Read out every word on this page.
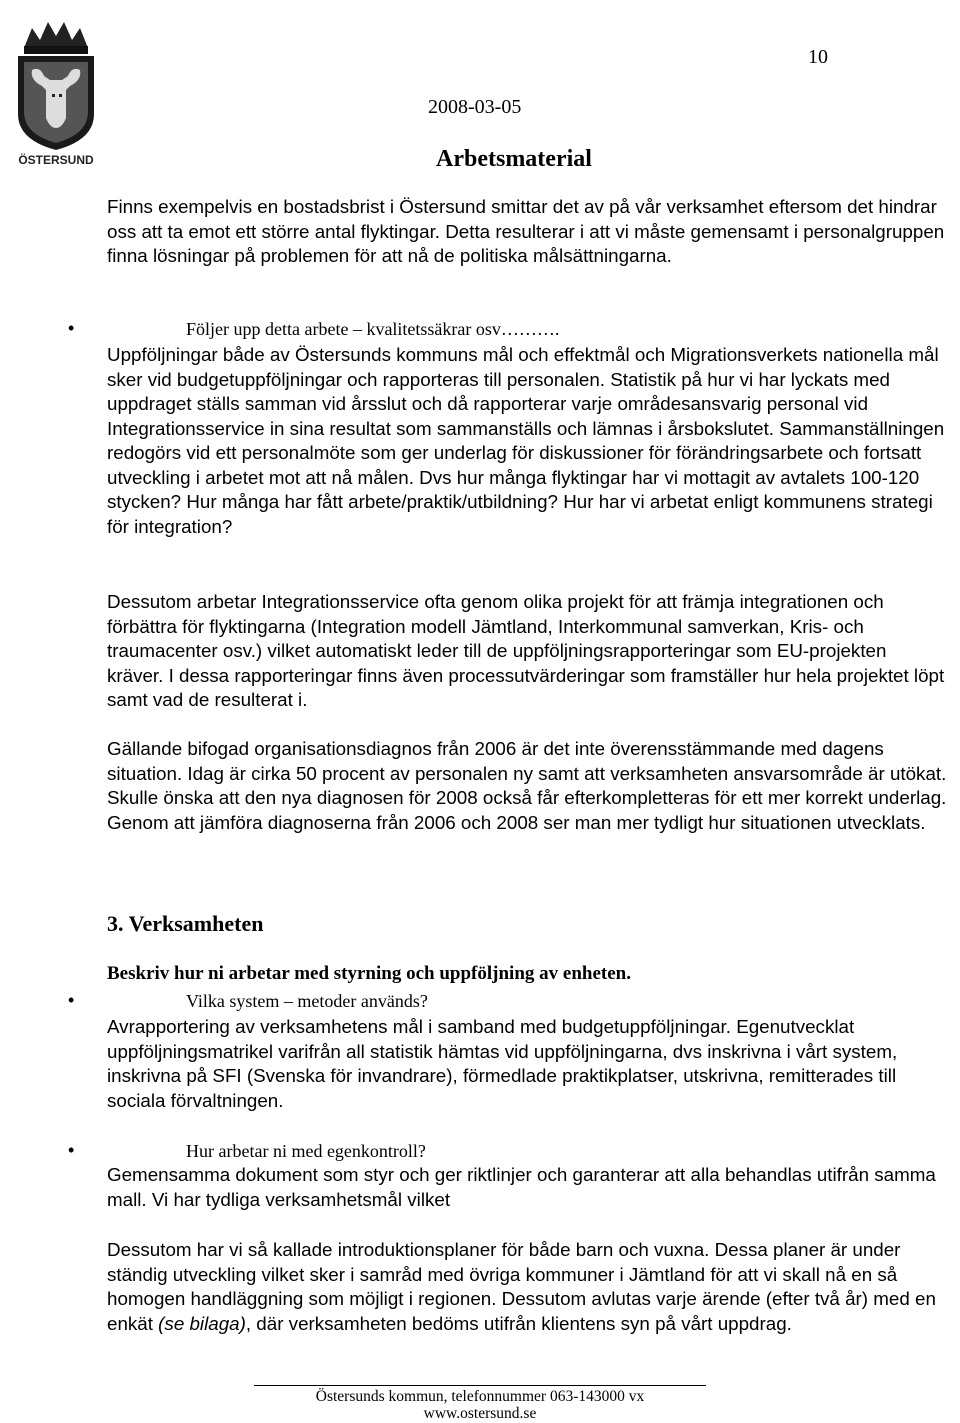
ÖSTERSUND
10
2008-03-05
Arbetsmaterial

Finns exempelvis en bostadsbrist i Östersund smittar det av på vår verksamhet eftersom det hindrar oss att ta emot ett större antal flyktingar. Detta resulterar i att vi måste gemensamt i personalgruppen finna lösningar på problemen för att nå de politiska målsättningarna.

•	Följer upp detta arbete – kvalitetssäkrar osv……….

Uppföljningar både av Östersunds kommuns mål och effektmål och Migrationsverkets nationella mål sker vid budgetuppföljningar och rapporteras till personalen. Statistik på hur vi har lyckats med uppdraget ställs samman vid årsslut och då rapporterar varje områdesansvarig personal vid Integrationsservice in sina resultat som sammanställs och lämnas i årsbokslutet. Sammanställningen redogörs vid ett personalmöte som ger underlag för diskussioner för förändringsarbete och fortsatt utveckling i arbetet mot att nå målen. Dvs hur många flyktingar har vi mottagit av avtalets 100-120 stycken? Hur många har fått arbete/praktik/utbildning? Hur har vi arbetat enligt kommunens strategi för integration?

Dessutom arbetar Integrationsservice ofta genom olika projekt för att främja integrationen och förbättra för flyktingarna (Integration modell Jämtland, Interkommunal samverkan, Kris- och traumacenter osv.) vilket automatiskt leder till de uppföljningsrapporteringar som EU-projekten kräver. I dessa rapporteringar finns även processutvärderingar som framställer hur hela projektet löpt samt vad de resulterat i.

Gällande bifogad organisationsdiagnos från 2006 är det inte överensstämmande med dagens situation. Idag är cirka 50 procent av personalen ny samt att verksamheten ansvarsområde är utökat. Skulle önska att den nya diagnosen för 2008 också får efterkompletteras för ett mer korrekt underlag. Genom att jämföra diagnoserna från 2006 och 2008 ser man mer tydligt hur situationen utvecklats.

3. Verksamheten
Beskriv hur ni arbetar med styrning och uppföljning av enheten.
•	Vilka system – metoder används?

Avrapportering av verksamhetens mål i samband med budgetuppföljningar. Egenutvecklat uppföljningsmatrikel varifrån all statistik hämtas vid uppföljningarna, dvs inskrivna i vårt system, inskrivna på SFI (Svenska för invandrare), förmedlade praktikplatser, utskrivna, remitterades till sociala förvaltningen.

•	Hur arbetar ni med egenkontroll?

Gemensamma dokument som styr och ger riktlinjer och garanterar att alla behandlas utifrån samma mall. Vi har tydliga verksamhetsmål vilket

Dessutom har vi så kallade introduktionsplaner för både barn och vuxna. Dessa planer är under ständig utveckling vilket sker i samråd med övriga kommuner i Jämtland för att vi skall nå en så homogen handläggning som möjligt i regionen. Dessutom avlutas varje ärende (efter två år) med en enkät (se bilaga), där verksamheten bedöms utifrån klientens syn på vårt uppdrag.

Östersunds kommun, telefonnummer 063-143000 vx
www.ostersund.se
